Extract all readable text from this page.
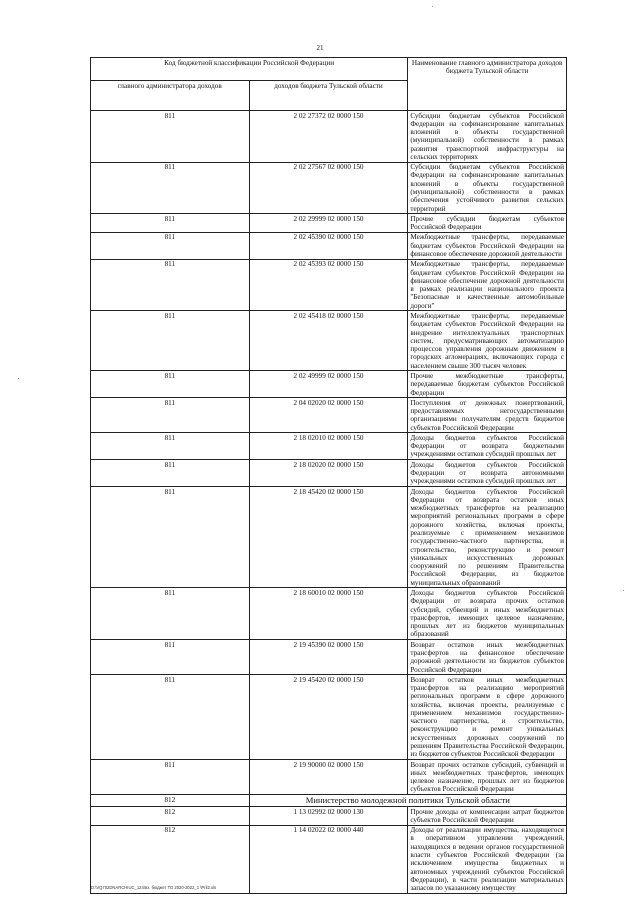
21
Код бюджетной классификации Российской Федерации		Наименование главного администратора доходов бюджета Тульской области
главного администратора доходов	доходов бюджета Тульской области	
811	2 02 27372 02 0000 150	Субсидии бюджетам субъектов Российской Федерации на софинансирование капитальных вложений в объекты государственной (муниципальной) собственности в рамках развития транспортной инфраструктуры на сельских территориях
811	2 02 27567 02 0000 150	Субсидии бюджетам субъектов Российской Федерации на софинансирование капитальных вложений в объекты государственной (муниципальной) собственности в рамках обеспечения устойчивого развития сельских территорий
811	2 02 29999 02 0000 150	Прочие субсидии бюджетам субъектов Российской Федерации
811	2 02 45390 02 0000 150	Межбюджетные трансферты, передаваемые бюджетам субъектов Российской Федерации на финансовое обеспечение дорожной деятельности
811	2 02 45393 02 0000 150	Межбюджетные трансферты, передаваемые бюджетам субъектов Российской Федерации на финансовое обеспечение дорожной деятельности в рамках реализации национального проекта "Безопасные и качественные автомобильные дороги"
811	2 02 45418 02 0000 150	Межбюджетные трансферты, передаваемые бюджетам субъектов Российской Федерации на внедрение интеллектуальных транспортных систем, предусматривающих автоматизацию процессов управления дорожным движением в городских агломерациях, включающих города с населением свыше 300 тысяч человек
811	2 02 49999 02 0000 150	Прочие межбюджетные трансферты, передаваемые бюджетам субъектов Российской Федерации
811	2 04 02020 02 0000 150	Поступления от денежных пожертвований, предоставляемых негосударственными организациями получателям средств бюджетов субъектов Российской Федерации
811	2 18 02010 02 0000 150	Доходы бюджетов субъектов Российской Федерации от возврата бюджетными учреждениями остатков субсидий прошлых лет
811	2 18 02020 02 0000 150	Доходы бюджетов субъектов Российской Федерации от возврата автономными учреждениями остатков субсидий прошлых лет
811	2 18 45420 02 0000 150	Доходы бюджетов субъектов Российской Федерации от возврата остатков иных межбюджетных трансфертов на реализацию мероприятий региональных программ в сфере дорожного хозяйства, включая проекты, реализуемые с применением механизмов государственно-частного партнерства, и строительство, реконструкцию и ремонт уникальных искусственных дорожных сооружений по решениям Правительства Российской Федерации, из бюджетов муниципальных образований
811	2 18 60010 02 0000 150	Доходы бюджетов субъектов Российской Федерации от возврата прочих остатков субсидий, субвенций и иных межбюджетных трансфертов, имеющих целевое назначение, прошлых лет из бюджетов муниципальных образований
811	2 19 45390 02 0000 150	Возврат остатков иных межбюджетных трансфертов на финансовое обеспечение дорожной деятельности из бюджетов субъектов Российской Федерации
811	2 19 45420 02 0000 150	Возврат остатков иных межбюджетных трансфертов на реализацию мероприятий региональных программ в сфере дорожного хозяйства, включая проекты, реализуемые с применением механизмов государственно-частного партнерства, и строительство, реконструкцию и ремонт уникальных искусственных дорожных сооружений по решениям Правительства Российской Федерации, из бюджетов субъектов Российской Федерации
811	2 19 90000 02 0000 150	Возврат прочих остатков субсидий, субвенций и иных межбюджетных трансфертов, имеющих целевое назначение, прошлых лет из бюджетов субъектов Российской Федерации
812	Министерство молодежной политики Тульской области	
812	1 13 02992 02 0000 130	Прочие доходы от компенсации затрат бюджетов субъектов Российской Федерации
812	1 14 02022 02 0000 440	Доходы от реализации имущества, находящегося в оперативном управлении учреждений, находящихся в ведении органов государственной власти субъектов Российской Федерации (за исключением имущества бюджетных и автономных учреждений субъектов Российской Федерации), в части реализации материальных запасов по указанному имуществу
D:\VQ702DNARCHIUC_124\вх. бюджет ТО 2020-2022_1 \Pril2.xls
